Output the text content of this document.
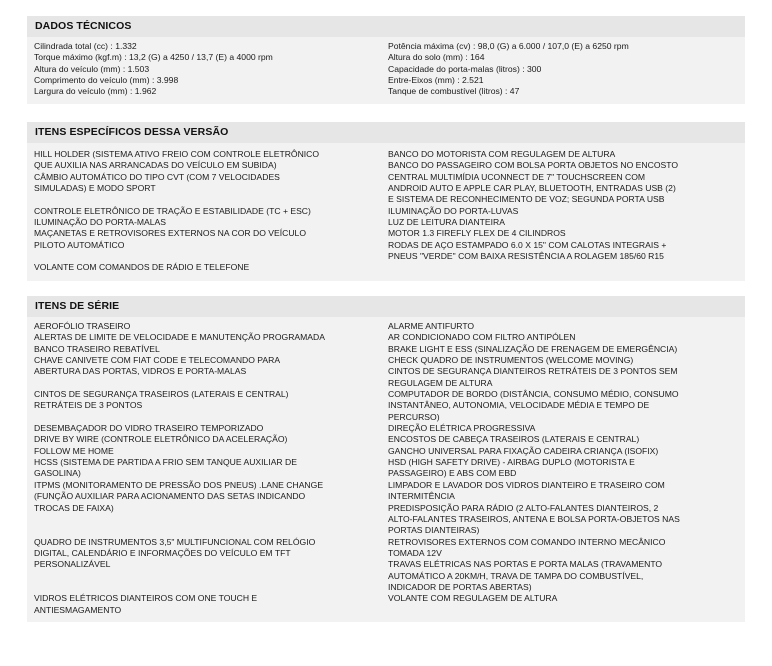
DADOS TÉCNICOS
Cilindrada total (cc) : 1.332
Torque máximo (kgf.m) : 13,2 (G) a 4250 / 13,7 (E) a 4000 rpm
Altura do veículo (mm) : 1.503
Comprimento do veículo (mm) : 3.998
Largura do veículo (mm) : 1.962
Potência máxima (cv) : 98,0 (G) a 6.000 / 107,0 (E) a 6250 rpm
Altura do solo (mm) : 164
Capacidade do porta-malas (litros) : 300
Entre-Eixos (mm) : 2.521
Tanque de combustível (litros) : 47
ITENS ESPECÍFICOS DESSA VERSÃO
HILL HOLDER (SISTEMA ATIVO FREIO COM CONTROLE ELETRÔNICO
QUE AUXILIA NAS ARRANCADAS DO VEÍCULO EM SUBIDA)
BANCO DO MOTORISTA COM REGULAGEM DE ALTURA
BANCO DO PASSAGEIRO COM BOLSA PORTA OBJETOS NO ENCOSTO
CÂMBIO AUTOMÁTICO DO TIPO CVT (COM 7 VELOCIDADES
SIMULADAS) E MODO SPORT
CENTRAL MULTIMÍDIA UCONNECT DE 7" TOUCHSCREEN COM
ANDROID AUTO E APPLE CAR PLAY, BLUETOOTH, ENTRADAS USB (2)
E SISTEMA DE RECONHECIMENTO DE VOZ; SEGUNDA PORTA USB
CONTROLE ELETRÔNICO DE TRAÇÃO E ESTABILIDADE (TC + ESC)	ILUMINAÇÃO DO PORTA-LUVAS
ILUMINAÇÃO DO PORTA-MALAS	LUZ DE LEITURA DIANTEIRA
MAÇANETAS E RETROVISORES EXTERNOS NA COR DO VEÍCULO	MOTOR 1.3 FIREFLY FLEX DE 4 CILINDROS
PILOTO AUTOMÁTICO	RODAS DE AÇO ESTAMPADO 6.0 X 15" COM CALOTAS INTEGRAIS +
PNEUS "VERDE" COM BAIXA RESISTÊNCIA A ROLAGEM 185/60 R15
VOLANTE COM COMANDOS DE RÁDIO E TELEFONE
ITENS DE SÉRIE
AEROFÓLIO TRASEIRO	ALARME ANTIFURTO
ALERTAS DE LIMITE DE VELOCIDADE E MANUTENÇÃO PROGRAMADA	AR CONDICIONADO COM FILTRO ANTIPÓLEN
BANCO TRASEIRO REBATÍVEL	BRAKE LIGHT E ESS (SINALIZAÇÃO DE FRENAGEM DE EMERGÊNCIA)
CHAVE CANIVETE COM FIAT CODE E TELECOMANDO PARA
ABERTURA DAS PORTAS, VIDROS E PORTA-MALAS
CHECK QUADRO DE INSTRUMENTOS (WELCOME MOVING)
CINTOS DE SEGURANÇA DIANTEIROS RETRÁTEIS DE 3 PONTOS SEM
REGULAGEM DE ALTURA
CINTOS DE SEGURANÇA TRASEIROS (LATERAIS E CENTRAL)
RETRÁTEIS DE 3 PONTOS
COMPUTADOR DE BORDO (DISTÂNCIA, CONSUMO MÉDIO, CONSUMO
INSTANTÂNEO, AUTONOMIA, VELOCIDADE MÉDIA E TEMPO DE
PERCURSO)
DESEMBAÇADOR DO VIDRO TRASEIRO TEMPORIZADO	DIREÇÃO ELÉTRICA PROGRESSIVA
DRIVE BY WIRE (CONTROLE ELETRÔNICO DA ACELERAÇÃO)	ENCOSTOS DE CABEÇA TRASEIROS (LATERAIS E CENTRAL)
FOLLOW ME HOME	GANCHO UNIVERSAL PARA FIXAÇÃO CADEIRA CRIANÇA (ISOFIX)
HCSS (SISTEMA DE PARTIDA A FRIO SEM TANQUE AUXILIAR DE
GASOLINA)
HSD (HIGH SAFETY DRIVE) - AIRBAG DUPLO (MOTORISTA E
PASSAGEIRO) E ABS COM EBD
ITPMS (MONITORAMENTO DE PRESSÃO DOS PNEUS) .LANE CHANGE
(FUNÇÃO AUXILIAR PARA ACIONAMENTO DAS SETAS INDICANDO
TROCAS DE FAIXA)
LIMPADOR E LAVADOR DOS VIDROS DIANTEIRO E TRASEIRO COM
INTERMITÊNCIA
PREDISPOSIÇÃO PARA RÁDIO (2 ALTO-FALANTES DIANTEIROS, 2
ALTO-FALANTES TRASEIROS, ANTENA E BOLSA PORTA-OBJETOS NAS
PORTAS DIANTEIRAS)
QUADRO DE INSTRUMENTOS 3,5" MULTIFUNCIONAL COM RELÓGIO
DIGITAL, CALENDÁRIO E INFORMAÇÕES DO VEÍCULO EM TFT
PERSONALIZÁVEL
RETROVISORES EXTERNOS COM COMANDO INTERNO MECÂNICO
TOMADA 12V
TRAVAS ELÉTRICAS NAS PORTAS E PORTA MALAS (TRAVAMENTO
AUTOMÁTICO A 20KM/H, TRAVA DE TAMPA DO COMBUSTÍVEL,
INDICADOR DE PORTAS ABERTAS)
VIDROS ELÉTRICOS DIANTEIROS COM ONE TOUCH E
ANTIESMAGAMENTO
VOLANTE COM REGULAGEM DE ALTURA
